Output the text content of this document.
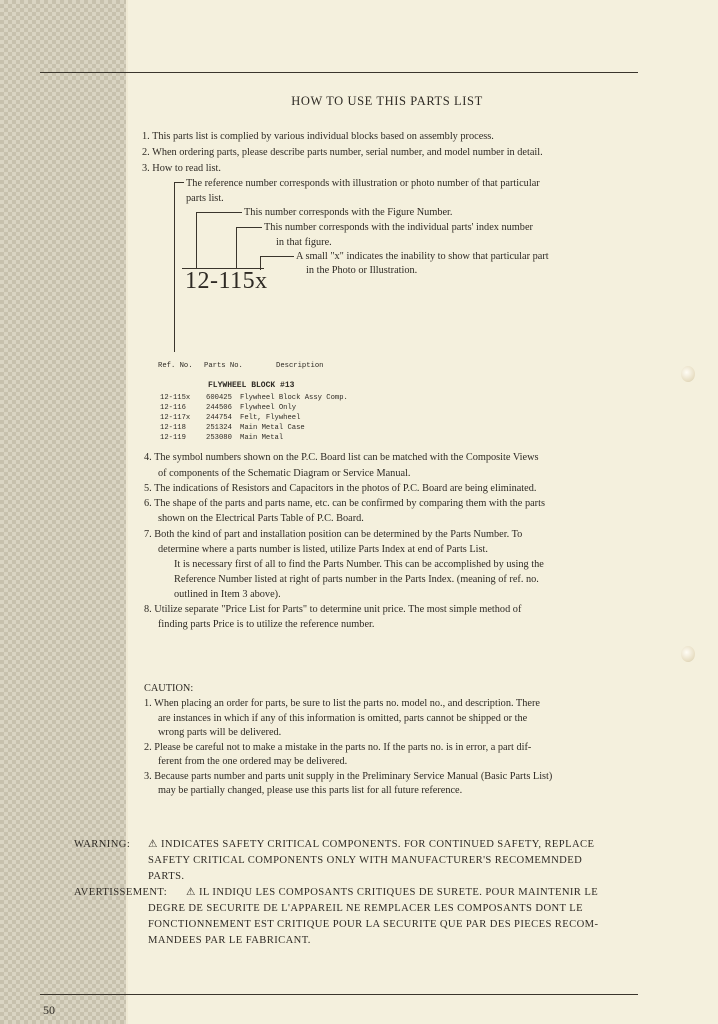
HOW TO USE THIS PARTS LIST
1. This parts list is complied by various individual blocks based on assembly process.
2. When ordering parts, please describe parts number, serial number, and model number in detail.
3. How to read list.
The reference number corresponds with illustration or photo number of that particular
parts list.
This number corresponds with the Figure Number.
This number corresponds with the individual parts' index number
in that figure.
A small "x" indicates the inability to show that particular part
in the Photo or Illustration.
12-115x
Ref. No. Parts No.	Description
FLYWHEEL BLOCK #13
12-115x 600425 Flywheel Block Assy Comp.
12-116	244506 Flywheel Only
12-117x 244754 Felt, Flywheel
12-118	251324 Main Metal Case
12-119	253080 Main Metal
4. The symbol numbers shown on the P.C. Board list can be matched with the Composite Views
of components of the Schematic Diagram or Service Manual.
5. The indications of Resistors and Capacitors in the photos of P.C. Board are being eliminated.
6. The shape of the parts and parts name, etc. can be confirmed by comparing them with the parts
shown on the Electrical Parts Table of P.C. Board.
7. Both the kind of part and installation position can be determined by the Parts Number. To
determine where a parts number is listed, utilize Parts Index at end of Parts List.
It is necessary first of all to find the Parts Number. This can be accomplished by using the
Reference Number listed at right of parts number in the Parts Index. (meaning of ref. no.
outlined in Item 3 above).
8. Utilize separate "Price List for Parts" to determine unit price. The most simple method of
finding parts Price is to utilize the reference number.
CAUTION:
1. When placing an order for parts, be sure to list the parts no. model no., and description. There
are instances in which if any of this information is omitted, parts cannot be shipped or the
wrong parts will be delivered.
2. Please be careful not to make a mistake in the parts no. If the parts no. is in error, a part dif-
ferent from the one ordered may be delivered.
3. Because parts number and parts unit supply in the Preliminary Service Manual (Basic Parts List)
may be partially changed, please use this parts list for all future reference.
WARNING: ⚠ INDICATES SAFETY CRITICAL COMPONENTS. FOR CONTINUED SAFETY, REPLACE
SAFETY CRITICAL COMPONENTS ONLY WITH MANUFACTURER'S RECOMEMNDED
PARTS.
AVERTISSEMENT: ⚠ IL INDIQU LES COMPOSANTS CRITIQUES DE SURETE. POUR MAINTENIR LE
DEGRE DE SECURITE DE L'APPAREIL NE REMPLACER LES COMPOSANTS DONT LE
FONCTIONNEMENT EST CRITIQUE POUR LA SECURITE QUE PAR DES PIECES RECOM-
MANDEES PAR LE FABRICANT.
50
